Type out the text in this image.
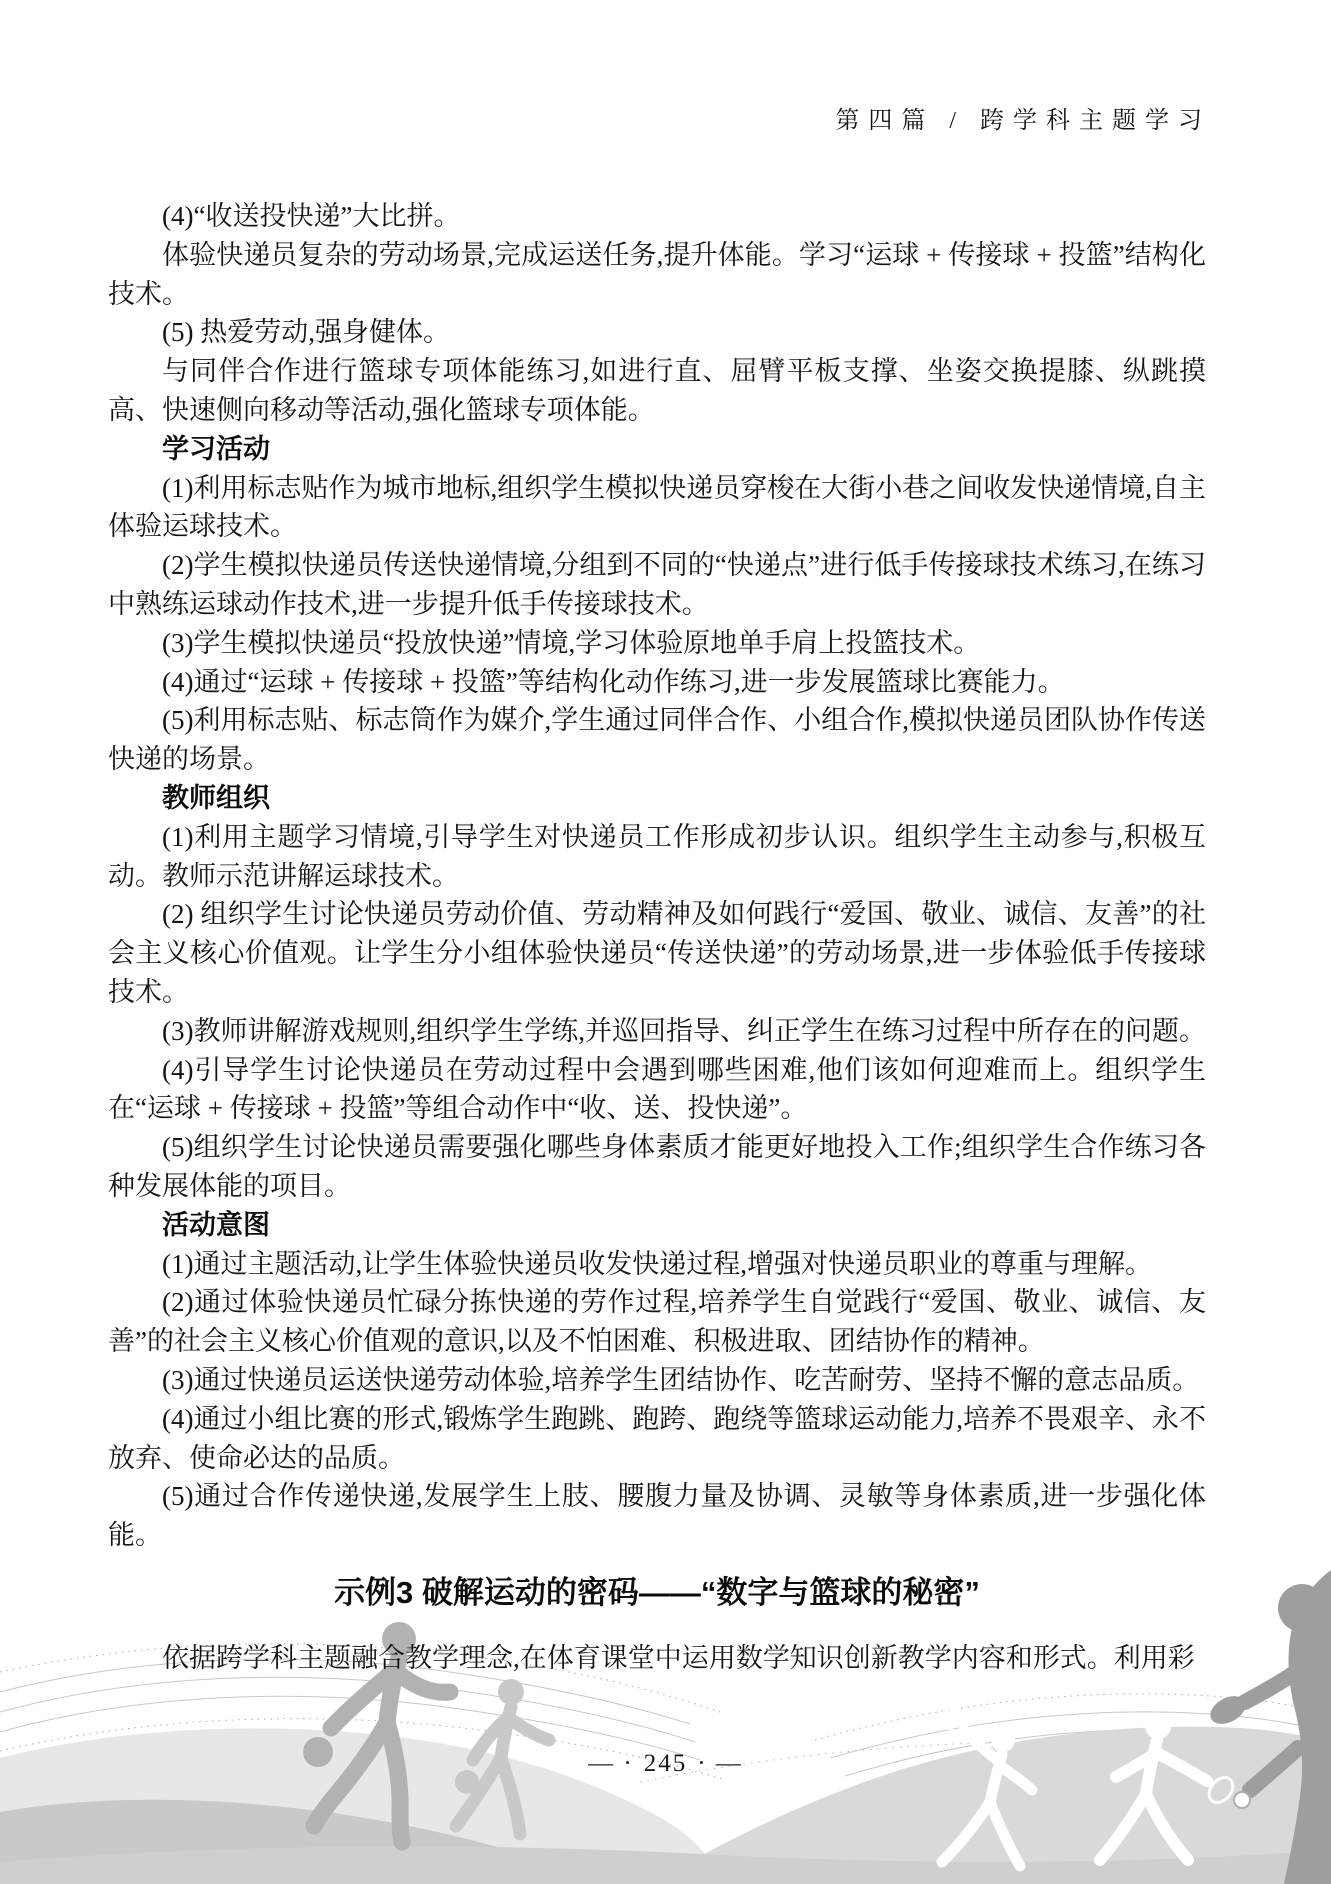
第四篇 / 跨学科主题学习

(4)“收送投快递”大比拼。

体验快递员复杂的劳动场景,完成运送任务,提升体能。学习“运球 + 传接球 + 投篮”结构化技术。

(5) 热爱劳动,强身健体。

与同伴合作进行篮球专项体能练习,如进行直、屈臂平板支撑、坐姿交换提膝、纵跳摸高、快速侧向移动等活动,强化篮球专项体能。

学习活动

(1)利用标志贴作为城市地标,组织学生模拟快递员穿梭在大街小巷之间收发快递情境,自主体验运球技术。

(2)学生模拟快递员传送快递情境,分组到不同的“快递点”进行低手传接球技术练习,在练习中熟练运球动作技术,进一步提升低手传接球技术。

(3)学生模拟快递员“投放快递”情境,学习体验原地单手肩上投篮技术。

(4)通过“运球 + 传接球 + 投篮”等结构化动作练习,进一步发展篮球比赛能力。

(5)利用标志贴、标志筒作为媒介,学生通过同伴合作、小组合作,模拟快递员团队协作传送快递的场景。

教师组织

(1)利用主题学习情境,引导学生对快递员工作形成初步认识。组织学生主动参与,积极互动。教师示范讲解运球技术。

(2) 组织学生讨论快递员劳动价值、劳动精神及如何践行“爱国、敬业、诚信、友善”的社会主义核心价值观。让学生分小组体验快递员“传送快递”的劳动场景,进一步体验低手传接球技术。

(3)教师讲解游戏规则,组织学生学练,并巡回指导、纠正学生在练习过程中所存在的问题。

(4)引导学生讨论快递员在劳动过程中会遇到哪些困难,他们该如何迎难而上。组织学生在“运球 + 传接球 + 投篮”等组合动作中“收、送、投快递”。

(5)组织学生讨论快递员需要强化哪些身体素质才能更好地投入工作;组织学生合作练习各种发展体能的项目。

活动意图

(1)通过主题活动,让学生体验快递员收发快递过程,增强对快递员职业的尊重与理解。

(2)通过体验快递员忙碌分拣快递的劳作过程,培养学生自觉践行“爱国、敬业、诚信、友善”的社会主义核心价值观的意识,以及不怕困难、积极进取、团结协作的精神。

(3)通过快递员运送快递劳动体验,培养学生团结协作、吃苦耐劳、坚持不懈的意志品质。

(4)通过小组比赛的形式,锻炼学生跑跳、跑跨、跑绕等篮球运动能力,培养不畏艰辛、永不放弃、使命必达的品质。

(5)通过合作传递快递,发展学生上肢、腰腹力量及协调、灵敏等身体素质,进一步强化体能。

示例3 破解运动的密码——“数字与篮球的秘密”

依据跨学科主题融合教学理念,在体育课堂中运用数学知识创新教学内容和形式。利用彩

— · 245 · —
